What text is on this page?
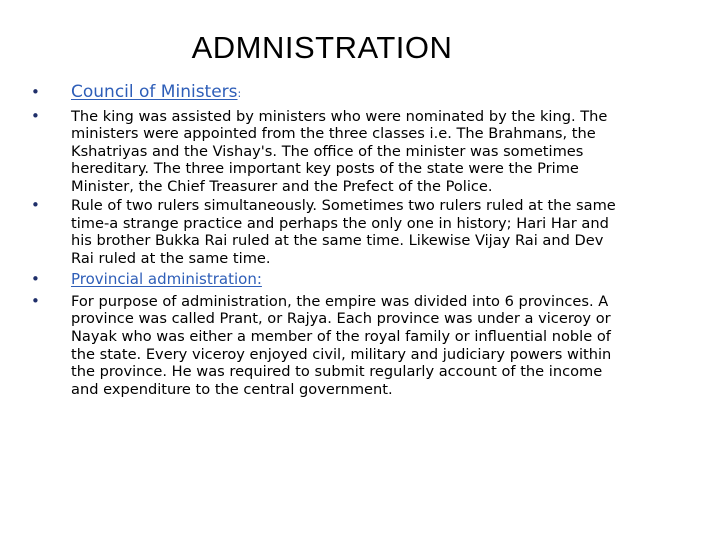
ADMNISTRATION
• Council of Ministers:
• The king was assisted by ministers who were nominated by the king. The ministers were appointed from the three classes i.e. The Brahmans, the Kshatriyas and the Vishay's. The office of the minister was sometimes hereditary. The three important key posts of the state were the Prime Minister, the Chief Treasurer and the Prefect of the Police.
• Rule of two rulers simultaneously. Sometimes two rulers ruled at the same time-a strange practice and perhaps the only one in history; Hari Har and his brother Bukka Rai ruled at the same time. Likewise Vijay Rai and Dev Rai ruled at the same time.
• Provincial administration:
• For purpose of administration, the empire was divided into 6 provinces. A province was called Prant, or Rajya. Each province was under a viceroy or Nayak who was either a member of the royal family or influential noble of the state. Every viceroy enjoyed civil, military and judiciary powers within the province. He was required to submit regularly account of the income and expenditure to the central government.
